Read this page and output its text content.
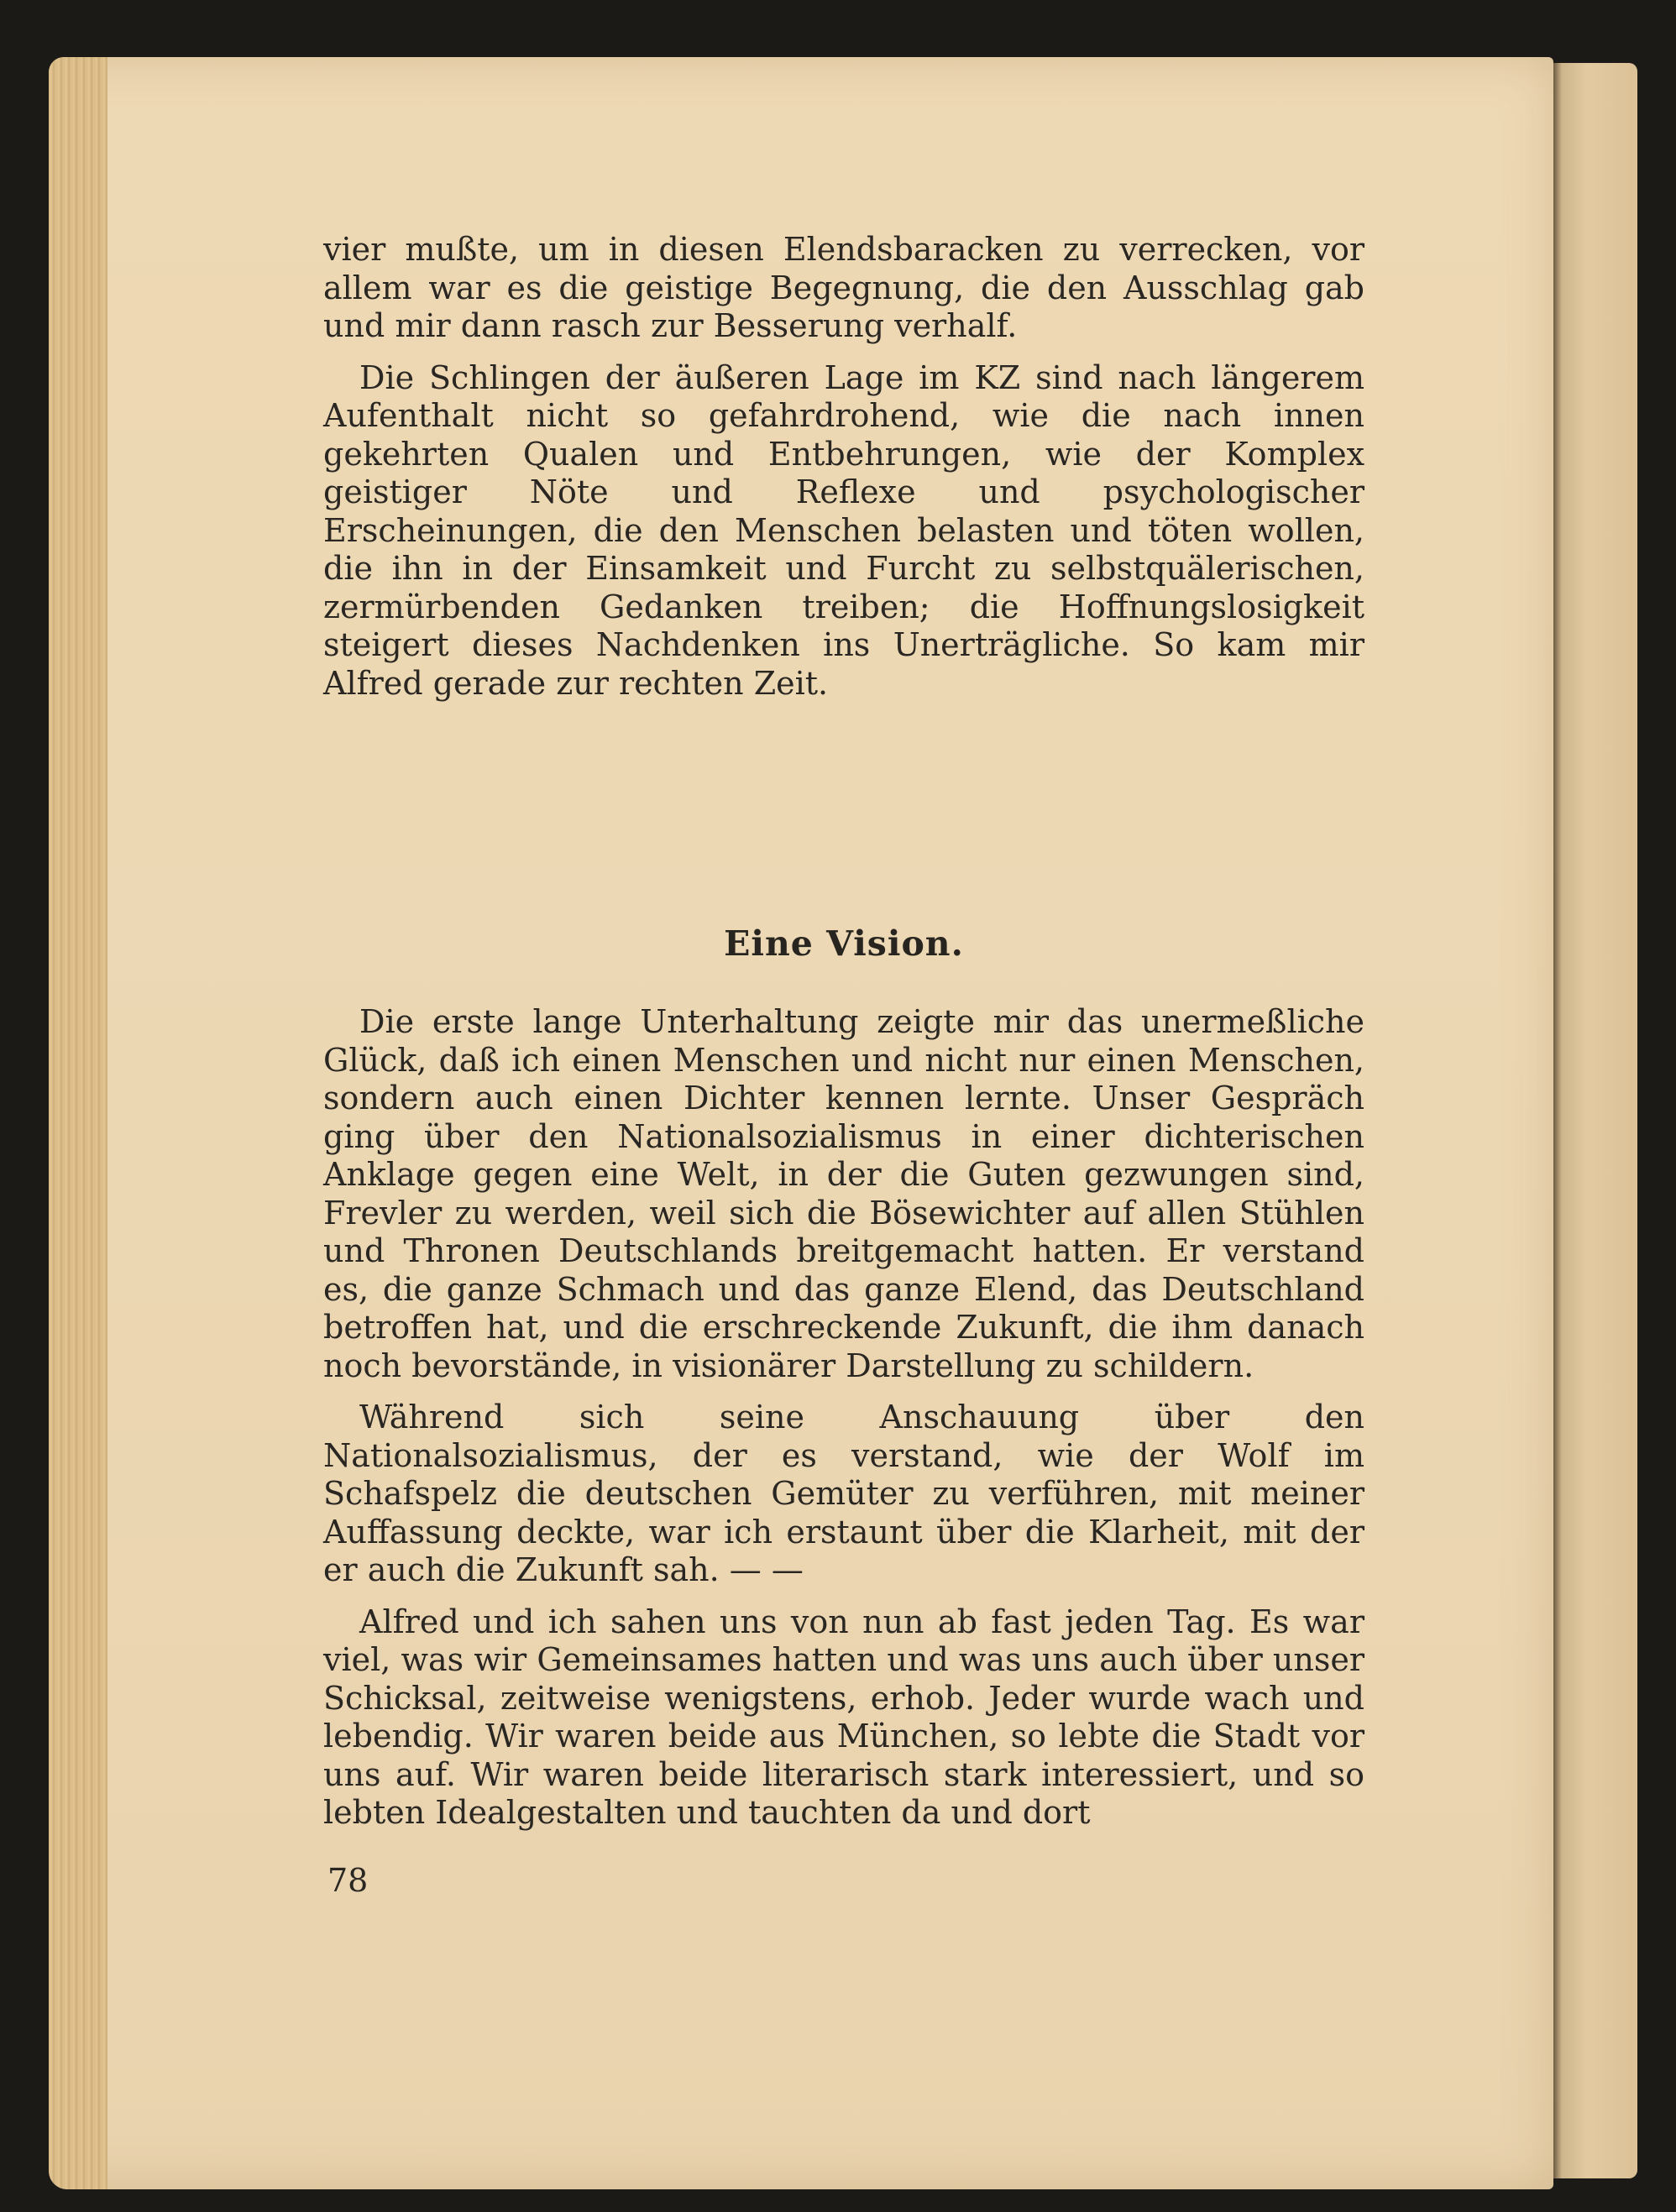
vier mußte, um in diesen Elendsbaracken zu verrecken, vor allem war es die geistige Begegnung, die den Ausschlag gab und mir dann rasch zur Besserung verhalf.

Die Schlingen der äußeren Lage im KZ sind nach längerem Aufenthalt nicht so gefahrdrohend, wie die nach innen gekehrten Qualen und Entbehrungen, wie der Komplex geistiger Nöte und Reflexe und psychologischer Erscheinungen, die den Menschen belasten und töten wollen, die ihn in der Einsamkeit und Furcht zu selbstquälerischen, zermürbenden Gedanken treiben; die Hoffnungslosigkeit steigert dieses Nachdenken ins Unerträgliche. So kam mir Alfred gerade zur rechten Zeit.

Eine Vision.

Die erste lange Unterhaltung zeigte mir das unermeßliche Glück, daß ich einen Menschen und nicht nur einen Menschen, sondern auch einen Dichter kennen lernte. Unser Gespräch ging über den Nationalsozialismus in einer dichterischen Anklage gegen eine Welt, in der die Guten gezwungen sind, Frevler zu werden, weil sich die Bösewichter auf allen Stühlen und Thronen Deutschlands breitgemacht hatten. Er verstand es, die ganze Schmach und das ganze Elend, das Deutschland betroffen hat, und die erschreckende Zukunft, die ihm danach noch bevorstände, in visionärer Darstellung zu schildern.

Während sich seine Anschauung über den Nationalsozialismus, der es verstand, wie der Wolf im Schafspelz die deutschen Gemüter zu verführen, mit meiner Auffassung deckte, war ich erstaunt über die Klarheit, mit der er auch die Zukunft sah. — —

Alfred und ich sahen uns von nun ab fast jeden Tag. Es war viel, was wir Gemeinsames hatten und was uns auch über unser Schicksal, zeitweise wenigstens, erhob. Jeder wurde wach und lebendig. Wir waren beide aus München, so lebte die Stadt vor uns auf. Wir waren beide literarisch stark interessiert, und so lebten Idealgestalten und tauchten da und dort

78
